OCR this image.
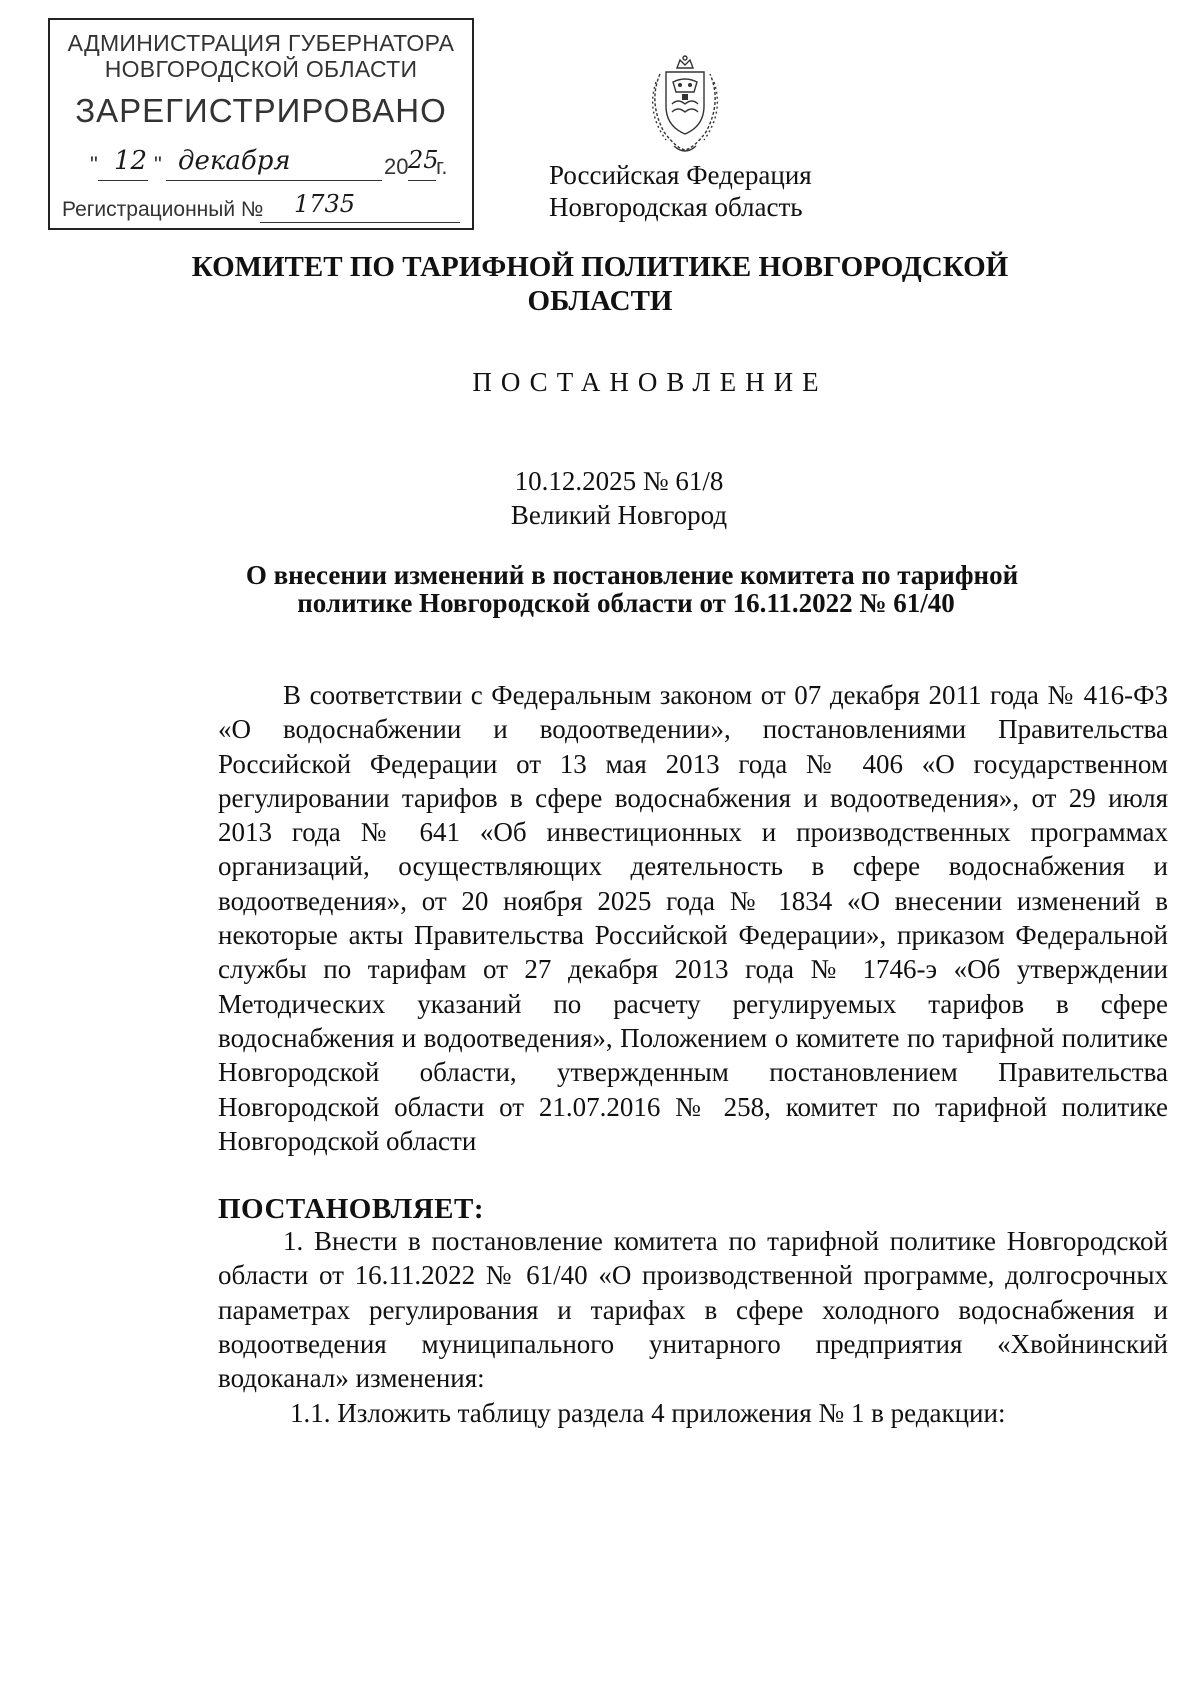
АДМИНИСТРАЦИЯ ГУБЕРНАТОРА
НОВГОРОДСКОЙ ОБЛАСТИ
ЗАРЕГИСТРИРОВАНО
" 12 " декабря	20 25
г.
Регистрационный № 1735
Российская Федерация
Новгородская область
КОМИТЕТ ПО ТАРИФНОЙ ПОЛИТИКЕ НОВГОРОДСКОЙ
ОБЛАСТИ
ПОСТАНОВЛЕНИЕ
10.12.2025 № 61/8
Великий Новгород
О внесении изменений в постановление комитета по тарифной
политике Новгородской области от 16.11.2022 № 61/40

В соответствии с Федеральным законом от 07 декабря 2011 года № 416-ФЗ «О водоснабжении и водоотведении», постановлениями Правительства Российской Федерации от 13 мая 2013 года № 406 «О государственном регулировании тарифов в сфере водоснабжения и водоотведения», от 29 июля 2013 года № 641 «Об инвестиционных и производственных программах организаций, осуществляющих деятельность в сфере водоснабжения и водоотведения», от 20 ноября 2025 года № 1834 «О внесении изменений в некоторые акты Правительства Российской Федерации», приказом Федеральной службы по тарифам от 27 декабря 2013 года № 1746-э «Об утверждении Методических указаний по расчету регулируемых тарифов в сфере водоснабжения и водоотведения», Положением о комитете по тарифной политике Новгородской области, утвержденным постановлением Правительства Новгородской области от 21.07.2016 № 258, комитет по тарифной политике Новгородской области

ПОСТАНОВЛЯЕТ:

1. Внести в постановление комитета по тарифной политике Новгородской области от 16.11.2022 № 61/40 «О производственной программе, долгосрочных параметрах регулирования и тарифах в сфере холодного водоснабжения и водоотведения муниципального унитарного предприятия «Хвойнинский водоканал» изменения:

1.1. Изложить таблицу раздела 4 приложения № 1 в редакции:
